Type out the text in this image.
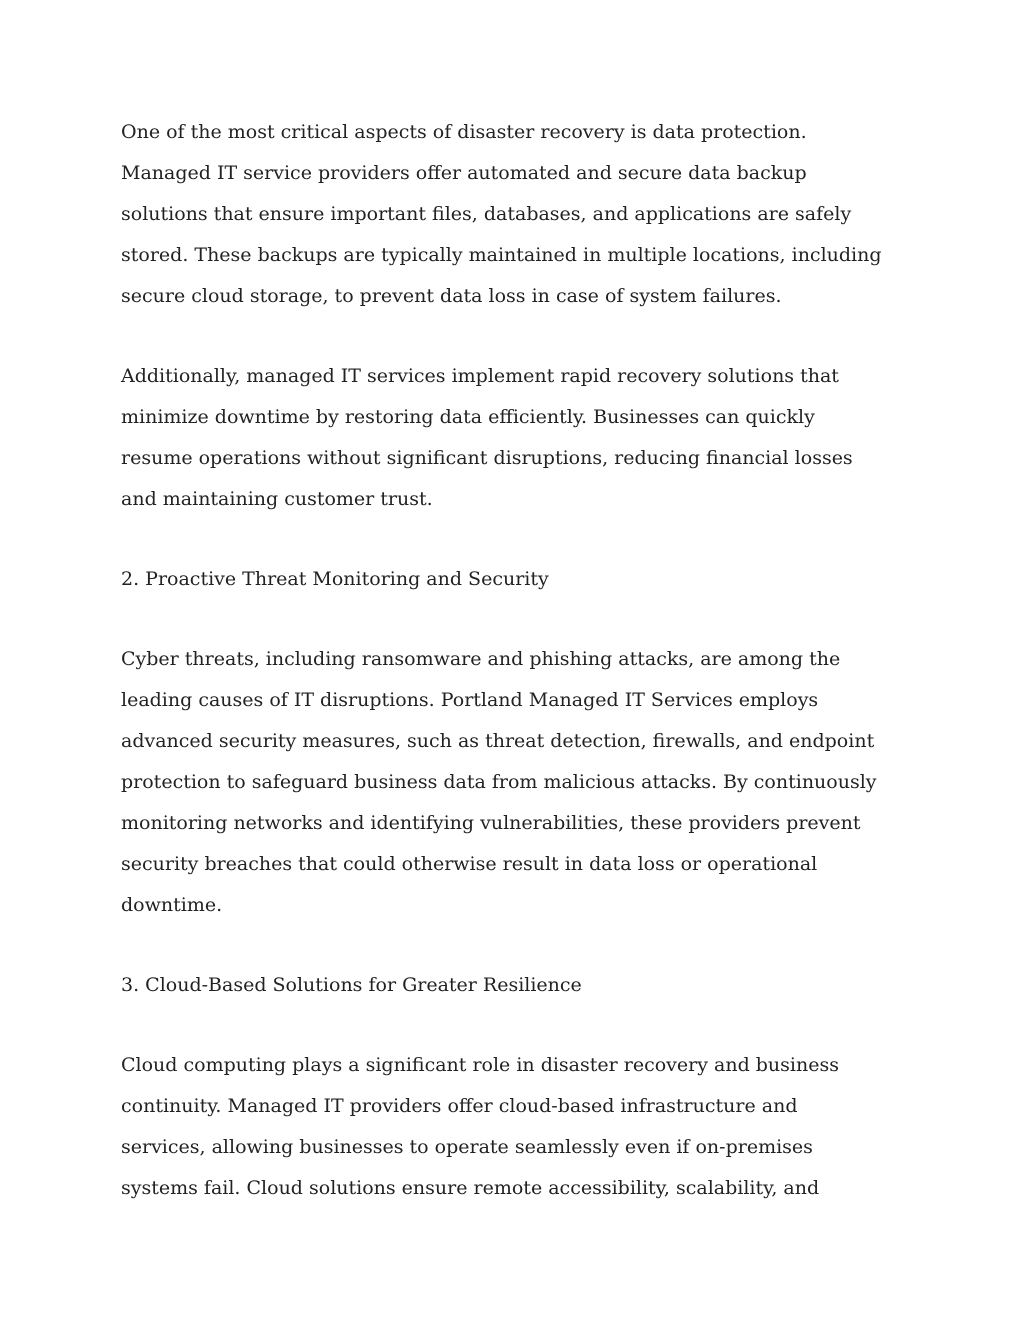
One of the most critical aspects of disaster recovery is data protection.
Managed IT service providers offer automated and secure data backup
solutions that ensure important files, databases, and applications are safely
stored. These backups are typically maintained in multiple locations, including
secure cloud storage, to prevent data loss in case of system failures.

Additionally, managed IT services implement rapid recovery solutions that
minimize downtime by restoring data efficiently. Businesses can quickly
resume operations without significant disruptions, reducing financial losses
and maintaining customer trust.

2. Proactive Threat Monitoring and Security

Cyber threats, including ransomware and phishing attacks, are among the
leading causes of IT disruptions. Portland Managed IT Services employs
advanced security measures, such as threat detection, firewalls, and endpoint
protection to safeguard business data from malicious attacks. By continuously
monitoring networks and identifying vulnerabilities, these providers prevent
security breaches that could otherwise result in data loss or operational
downtime.

3. Cloud-Based Solutions for Greater Resilience

Cloud computing plays a significant role in disaster recovery and business
continuity. Managed IT providers offer cloud-based infrastructure and
services, allowing businesses to operate seamlessly even if on-premises
systems fail. Cloud solutions ensure remote accessibility, scalability, and
